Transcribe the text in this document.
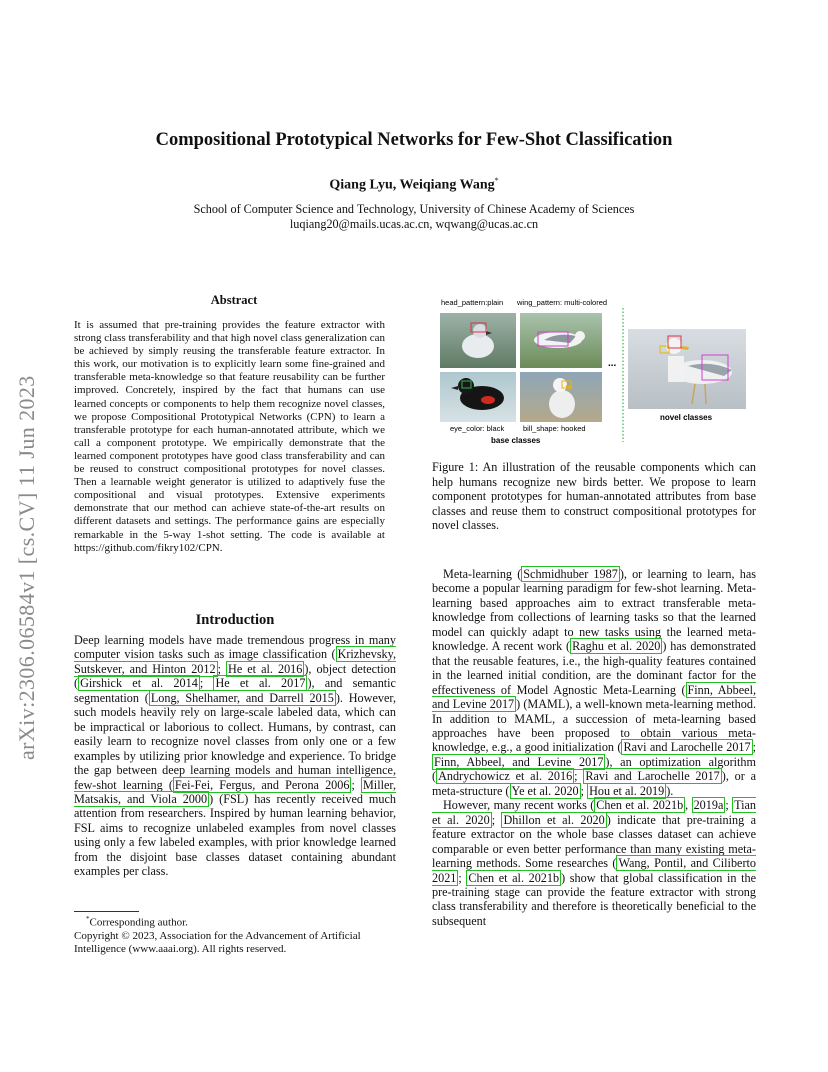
arXiv:2306.06584v1 [cs.CV] 11 Jun 2023
Compositional Prototypical Networks for Few-Shot Classification
Qiang Lyu, Weiqiang Wang*
School of Computer Science and Technology, University of Chinese Academy of Sciences
luqiang20@mails.ucas.ac.cn, wqwang@ucas.ac.cn
Abstract
It is assumed that pre-training provides the feature extractor with strong class transferability and that high novel class generalization can be achieved by simply reusing the transferable feature extractor. In this work, our motivation is to explicitly learn some fine-grained and transferable meta-knowledge so that feature reusability can be further improved. Concretely, inspired by the fact that humans can use learned concepts or components to help them recognize novel classes, we propose Compositional Prototypical Networks (CPN) to learn a transferable prototype for each human-annotated attribute, which we call a component prototype. We empirically demonstrate that the learned component prototypes have good class transferability and can be reused to construct compositional prototypes for novel classes. Then a learnable weight generator is utilized to adaptively fuse the compositional and visual prototypes. Extensive experiments demonstrate that our method can achieve state-of-the-art results on different datasets and settings. The performance gains are especially remarkable in the 5-way 1-shot setting. The code is available at https://github.com/fikry102/CPN.
Introduction

Deep learning models have made tremendous progress in many computer vision tasks such as image classification ( Krizhevsky, Sutskever, and Hinton 2012 ; He et al. 2016 ), object detection ( Girshick et al. 2014 ; He et al. 2017 ), and semantic segmentation ( Long, Shelhamer, and Darrell 2015 ). However, such models heavily rely on large-scale labeled data, which can be impractical or laborious to collect. Humans, by contrast, can easily learn to recognize novel classes from only one or a few examples by utilizing prior knowledge and experience. To bridge the gap between deep learning models and human intelligence, few-shot learning ( Fei-Fei, Fergus, and Perona 2006 ; Miller, Matsakis, and Viola 2000 ) (FSL) has recently received much attention from researchers. Inspired by human learning behavior, FSL aims to recognize unlabeled examples from novel classes using only a few labeled examples, with prior knowledge learned from the disjoint base classes dataset containing abundant examples per class.

*Corresponding author.
Copyright © 2023, Association for the Advancement of Artificial Intelligence (www.aaai.org). All rights reserved.
head_pattern:plain wing_pattern: multi-colored
eye_color: black	bill_shape: hooked
base classes
...
novel classes
Figure 1: An illustration of the reusable components which can help humans recognize new birds better. We propose to learn component prototypes for human-annotated attributes from base classes and reuse them to construct compositional prototypes for novel classes.

Meta-learning ( Schmidhuber 1987 ), or learning to learn, has become a popular learning paradigm for few-shot learning. Meta-learning based approaches aim to extract transferable meta-knowledge from collections of learning tasks so that the learned model can quickly adapt to new tasks using the learned meta-knowledge. A recent work ( Raghu et al. 2020 ) has demonstrated that the reusable features, i.e., the high-quality features contained in the learned initial condition, are the dominant factor for the effectiveness of Model Agnostic Meta-Learning ( Finn, Abbeel, and Levine 2017 ) (MAML), a well-known meta-learning method. In addition to MAML, a succession of meta-learning based approaches have been proposed to obtain various meta-knowledge, e.g., a good initialization ( Ravi and Larochelle 2017 ; Finn, Abbeel, and Levine 2017 ), an optimization algorithm ( Andrychowicz et al. 2016 ; Ravi and Larochelle 2017 ), or a meta-structure ( Ye et al. 2020 ; Hou et al. 2019 ).

However, many recent works ( Chen et al. 2021b , 2019a ; Tian et al. 2020 ; Dhillon et al. 2020 ) indicate that pre-training a feature extractor on the whole base classes dataset can achieve comparable or even better performance than many existing meta-learning methods. Some researches ( Wang, Pontil, and Ciliberto 2021 ; Chen et al. 2021b ) show that global classification in the pre-training stage can provide the feature extractor with strong class transferability and therefore is theoretically beneficial to the subsequent
